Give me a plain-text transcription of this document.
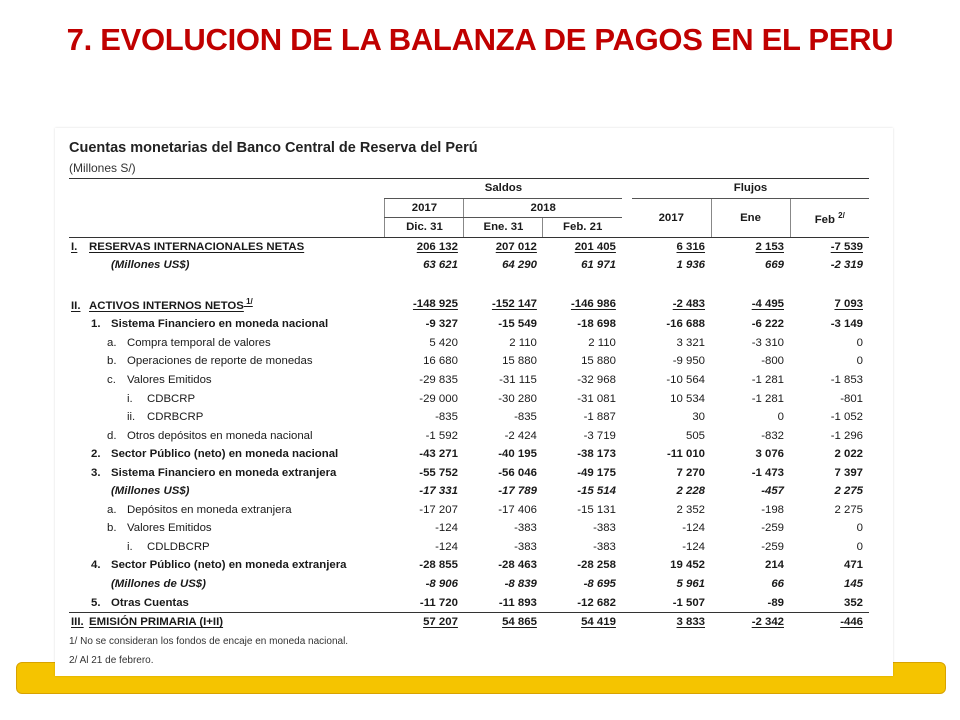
7. EVOLUCION DE LA BALANZA DE PAGOS EN EL PERU
Cuentas monetarias del Banco Central de Reserva del Perú
(Millones S/)
	Saldos				Flujos		
	2017	2018			2017	Ene	Feb $^{2/}$
	Dic. 31	Ene. 31	Feb. 21				
I. RESERVAS INTERNACIONALES NETAS	206 132	207 012	201 405		6 316	2 153	-7 539
(Millones US$)	63 621	64 290	61 971		1 936	669	-2 319

II. ACTIVOS INTERNOS NETOS $^{1/}$	-148 925	-152 147	-146 986		-2 483	-4 495	7 093
1. Sistema Financiero en moneda nacional	-9 327	-15 549	-18 698		-16 688	-6 222	-3 149
a. Compra temporal de valores	5 420	2 110	2 110		3 321	-3 310	0
b. Operaciones de reporte de monedas	16 680	15 880	15 880		-9 950	-800	0
c. Valores Emitidos	-29 835	-31 115	-32 968		-10 564	-1 281	-1 853
i. CDBCRP	-29 000	-30 280	-31 081		10 534	-1 281	-801
ii. CDRBCRP	-835	-835	-1 887		30	0	-1 052
d. Otros depósitos en moneda nacional	-1 592	-2 424	-3 719		505	-832	-1 296
2. Sector Público (neto) en moneda nacional	-43 271	-40 195	-38 173		-11 010	3 076	2 022
3. Sistema Financiero en moneda extranjera	-55 752	-56 046	-49 175		7 270	-1 473	7 397
(Millones US$)	-17 331	-17 789	-15 514		2 228	-457	2 275
a. Depósitos en moneda extranjera	-17 207	-17 406	-15 131		2 352	-198	2 275
b. Valores Emitidos	-124	-383	-383		-124	-259	0
i. CDLDBCRP	-124	-383	-383		-124	-259	0
4. Sector Público (neto) en moneda extranjera	-28 855	-28 463	-28 258		19 452	214	471
(Millones de US$)	-8 906	-8 839	-8 695		5 961	66	145
5. Otras Cuentas	-11 720	-11 893	-12 682		-1 507	-89	352
III. EMISIÓN PRIMARIA (I+II)	57 207	54 865	54 419		3 833	-2 342	-446
1/ No se consideran los fondos de encaje en moneda nacional.
2/ Al 21 de febrero.
